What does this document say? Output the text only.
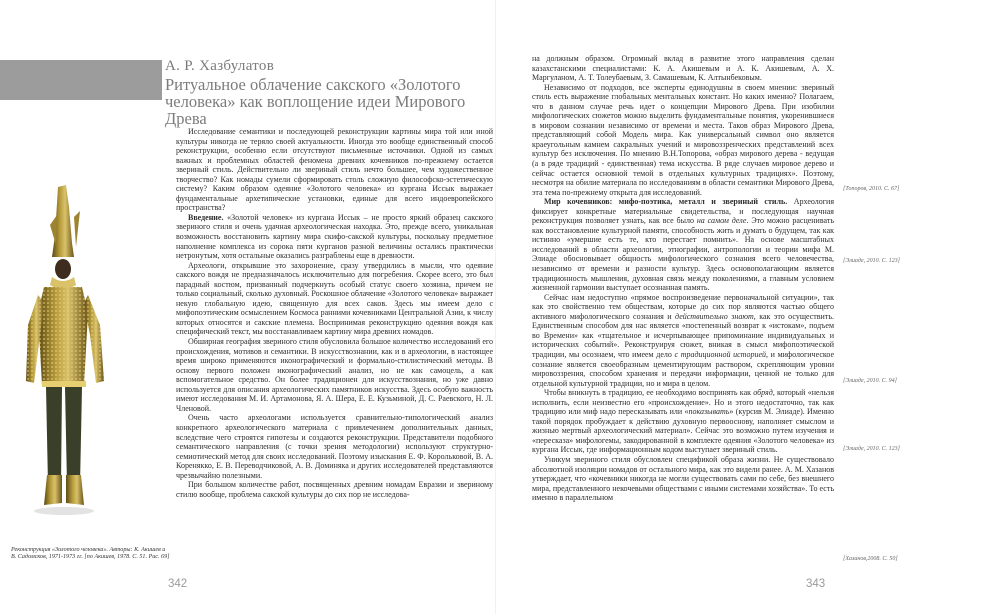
А. Р. Хазбулатов
Ритуальное облачение сакского «Золотого человека» как воплощение идеи Мирового Древа
Реконструкция «Золотого человека». Авторы: К. Акишев и В. Садомсков, 1971-1973 гг. [по Акишев, 1978. С. 51. Рис. 69]

Исследование семантики и последующей реконструкции картины мира той или иной культуры никогда не теряло своей актуальности. Иногда это вообще единственный способ реконструкции, особенно если отсутствуют письменные источники. Одной из самых важных и проблемных областей феномена древних кочевников по-прежнему остается звериный стиль. Действительно ли звериный стиль нечто большее, чем художественное творчество? Как номады сумели сформировать столь сложную философско-эстетическую систему? Каким образом одеяние «Золотого человека» из кургана Иссык выражает фундаментальные архетипические установки, единые для всего индоевропейского пространства?

Введение. «Золотой человек» из кургана Иссык – не просто яркий образец сакского звериного стиля и очень удачная археологическая находка. Это, прежде всего, уникальная возможность восстановить картину мира скифо-сакской культуры, поскольку предметное наполнение комплекса из сорока пяти курганов разной величины остались практически нетронутым, хотя остальные оказались разграблены еще в древности.

Археологи, открывшие это захоронение, сразу утвердились в мысли, что одеяние сакского вождя не предназначалось исключительно для погребения. Скорее всего, это был парадный костюм, призванный подчеркнуть особый статус своего хозяина, причем не только социальный, сколько духовный. Роскошное облачение «Золотого человека» выражает некую глобальную идею, священную для всех саков. Здесь мы имеем дело с мифопоэтическим осмыслением Космоса ранними кочевниками Центральной Азии, к числу которых относятся и сакские племена. Воспринимая реконструкцию одеяния вождя как специфический текст, мы восстанавливаем картину мира древних номадов.

Обширная география звериного стиля обусловила большое количество исследований его происхождения, мотивов и семантики. В искусствознании, как и в археологии, в настоящее время широко применяются иконографический и формально-стилистический методы. В основу первого положен иконографический анализ, но не как самоцель, а как вспомогательное средство. Он более традиционен для искусствознания, но уже давно используется для описания археологических памятников искусства. Здесь особую важность имеют исследования М. И. Артамонова, Я. А. Шера, Е. Е. Кузьминой, Д. С. Раевского, Н. Л. Членовой.

Очень часто археологами используется сравнительно-типологический анализ конкретного археологического материала с привлечением дополнительных данных, вследствие чего строятся гипотезы и создаются реконструкции. Представители подобного семантического направления (с точки зрения методологии) используют структурно-семиотический метод для своих исследований. Поэтому изыскания Е. Ф. Корольковой, В. А. Коренякко, Е. В. Переводчиковой, А. В. Доминяка и других исследователей представляются чрезвычайно полезными.

При большом количестве работ, посвященных древним номадам Евразии и звериному стилю вообще, проблема сакской культуры до сих пор не исследова-

на должным образом. Огромный вклад в развитие этого направления сделан казахстанскими специалистами: К. А. Акишевым и А. К. Акишевым, А. Х. Маргуланом, А. Т. Толеубаевым, З. Самашевым, К. Алтынбековым.

Независимо от подходов, все эксперты единодушны в своем мнении: звериный стиль есть выражение глобальных ментальных констант. Но каких именно? Полагаем, что в данном случае речь идет о концепции Мирового Древа. При изобилии мифологических сюжетов можно выделить фундаментальные понятия, укоренившиеся в мировом сознании независимо от времени и места. Таков образ Мирового Древа, представляющий собой Модель мира. Как универсальный символ оно является краеугольным камнем сакральных учений и мировоззренческих представлений всех культур без исключения. По мнению В.Н.Топорова, «образ мирового дерева - ведущая (а в ряде традиций - единственная) тема искусства. В ряде случаев мировое дерево и сейчас остается основной темой в отдельных культурных традициях». Поэтому, несмотря на обилие материала по исследованиям в области семантики Мирового Древа, эта тема по-прежнему открыта для исследований.

Мир кочевников: мифо-поэтика, металл и звериный стиль. Археология фиксирует конкретные материальные свидетельства, и последующая научная реконструкция позволяет узнать, как все было на самом деле. Это можно расценивать как восстановление культурной памяти, способность жить и думать о будущем, так как истинно «умершие есть те, кто перестает помнить». На основе масштабных исследований в области археологии, этнографии, антропологии и теории мифа М. Элиаде обосновывает общность мифологического сознания всего человечества, независимо от времени и разности культур. Здесь основополагающим является традиционность мышления, духовная связь между поколениями, а главным условием жизненной гармонии выступает осознанная память.

Сейчас нам недоступно «прямое воспроизведение первоначальной ситуации», так как это свойственно тем обществам, которые до сих пор являются частью общего активного мифологического сознания и действительно знают, как это осуществить. Единственным способом для нас является «постепенный возврат к «истокам», подъем во Времени» как «тщательное и исчерпывающее припоминание индивидуальных и исторических событий». Реконструируя сюжет, вникая в смысл мифопоэтической традиции, мы осознаем, что имеем дело с традиционной историей, и мифологическое сознание является своеобразным цементирующим раствором, скрепляющим уровни мировоззрения, способом хранения и передачи информации, ценной не только для отдельной культурной традиции, но и мира в целом.

Чтобы вникнуть в традицию, ее необходимо воспринять как обряд, который «нельзя исполнить, если неизвестно его «происхождение». Но и этого недостаточно, так как традицию или миф надо пересказывать или «показывать» (курсив М. Элиаде). Именно такой порядок пробуждает к действию духовную первооснову, наполняет смыслом и жизнью мертвый археологический материал». Сейчас это возможно путем изучения и «пересказа» мифологемы, закодированной в комплекте одеяния «Золотого человека» из кургана Иссык, где информационным кодом выступает звериный стиль.

Уникум звериного стиля обусловлен спецификой образа жизни. Не существовало абсолютной изоляции номадов от остального мира, как это видели ранее. А. М. Хазанов утверждает, что «кочевники никогда не могли существовать сами по себе, без внешнего мира, представленного некочевыми обществами с иными системами хозяйства». То есть именно в параллельном

[Топоров, 2010. С. 67]
[Элиаде, 2010. С. 123]
[Элиаде, 2010. С. 94]
[Элиаде, 2010. С. 123]
[Хазанов,2008. С. 50]
342	343
